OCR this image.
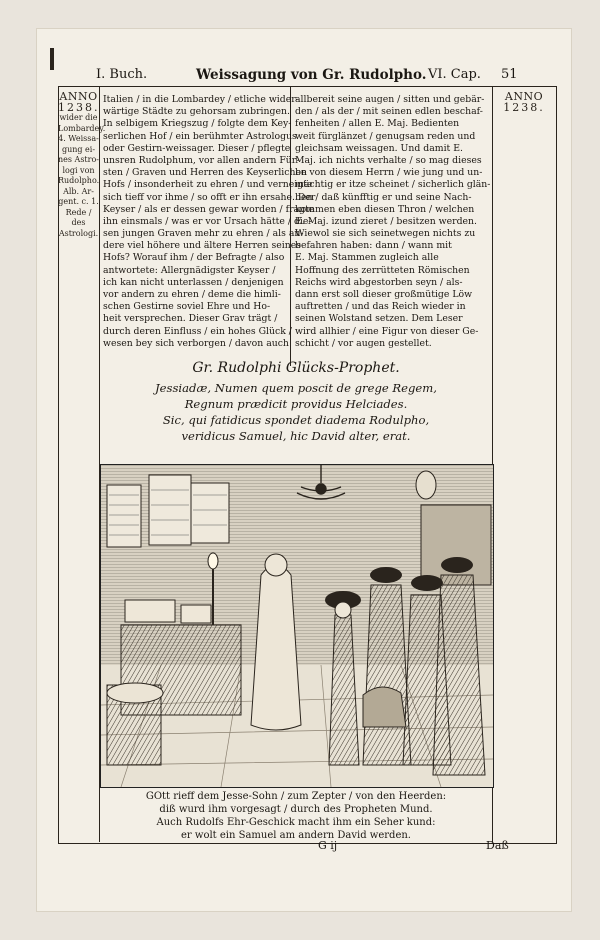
I. Buch.	Weissagung von Gr. Rudolpho. VI. Cap. 51
ANNO
1238.
wider die
Lombardey.
4. Weissa-
gung ei-
nes Astro-
logi von
Rudolpho.
Alb. Ar-
gent. c. 1.
Rede / des
Astrologi.
ANNO
1238.
Italien / in die Lombardey / etliche wider-
wärtige Städte zu gehorsam zubringen.
In selbigem Kriegszug / folgte dem Key-
serlichen Hof / ein berühmter Astrologus
oder Gestirn-weissager. Dieser / pflegte
unsren Rudolphum, vor allen andern Für-
sten / Graven und Herren des Keyserlichen
Hofs / insonderheit zu ehren / und verneigte
sich tieff vor ihme / so offt er ihn ersahe. Der
Keyser / als er dessen gewar worden / fragte
ihn einsmals / was er vor Ursach hätte / die-
sen jungen Graven mehr zu ehren / als an-
dere viel höhere und ältere Herren seines
Hofs? Worauf ihm / der Befragte / also
antwortete: Allergnädigster Keyser /
ich kan nicht unterlassen / denjenigen
vor andern zu ehren / deme die himli-
schen Gestirne soviel Ehre und Ho-
heit versprechen. Dieser Grav trägt /
durch deren Einfluss / ein hohes Glück /
wesen bey sich verborgen / davon auch
allbereit seine augen / sitten und gebär-
den / als der / mit seinen edlen beschaf-
fenheiten / allen E. Maj. Bedienten
weit fürglänzet / genugsam reden und
gleichsam weissagen. Und damit E.
Maj. ich nichts verhalte / so mag dieses
be von diesem Herrn / wie jung und un-
mächtig er itze scheinet / sicherlich glän-
ben / daß künfftig er und seine Nach-
kommen eben diesen Thron / welchen
E. Maj. izund zieret / besitzen werden.
Wiewol sie sich seinetwegen nichts zu
befahren haben: dann / wann mit
E. Maj. Stammen zugleich alle
Hoffnung des zerrütteten Römischen
Reichs wird abgestorben seyn / als-
dann erst soll dieser großmütige Löw
auftretten / und das Reich wieder in
seinen Wolstand setzen. Dem Leser
wird allhier / eine Figur von dieser Ge-
schicht / vor augen gestellet.
Gr. Rudolphi Glücks-Prophet.
Jessiadæ, Numen quem poscit de grege Regem,
Regnum prædicit providus Helciades.
Sic, qui fatidicus spondet diadema Rodulpho,
veridicus Samuel, hic David alter, erat.
GOtt rieff dem Jesse-Sohn / zum Zepter / von den Heerden:
diß wurd ihm vorgesagt / durch des Propheten Mund.
Auch Rudolfs Ehr-Geschick macht ihm ein Seher kund:
er wolt ein Samuel am andern David werden.
G ij	Daß
